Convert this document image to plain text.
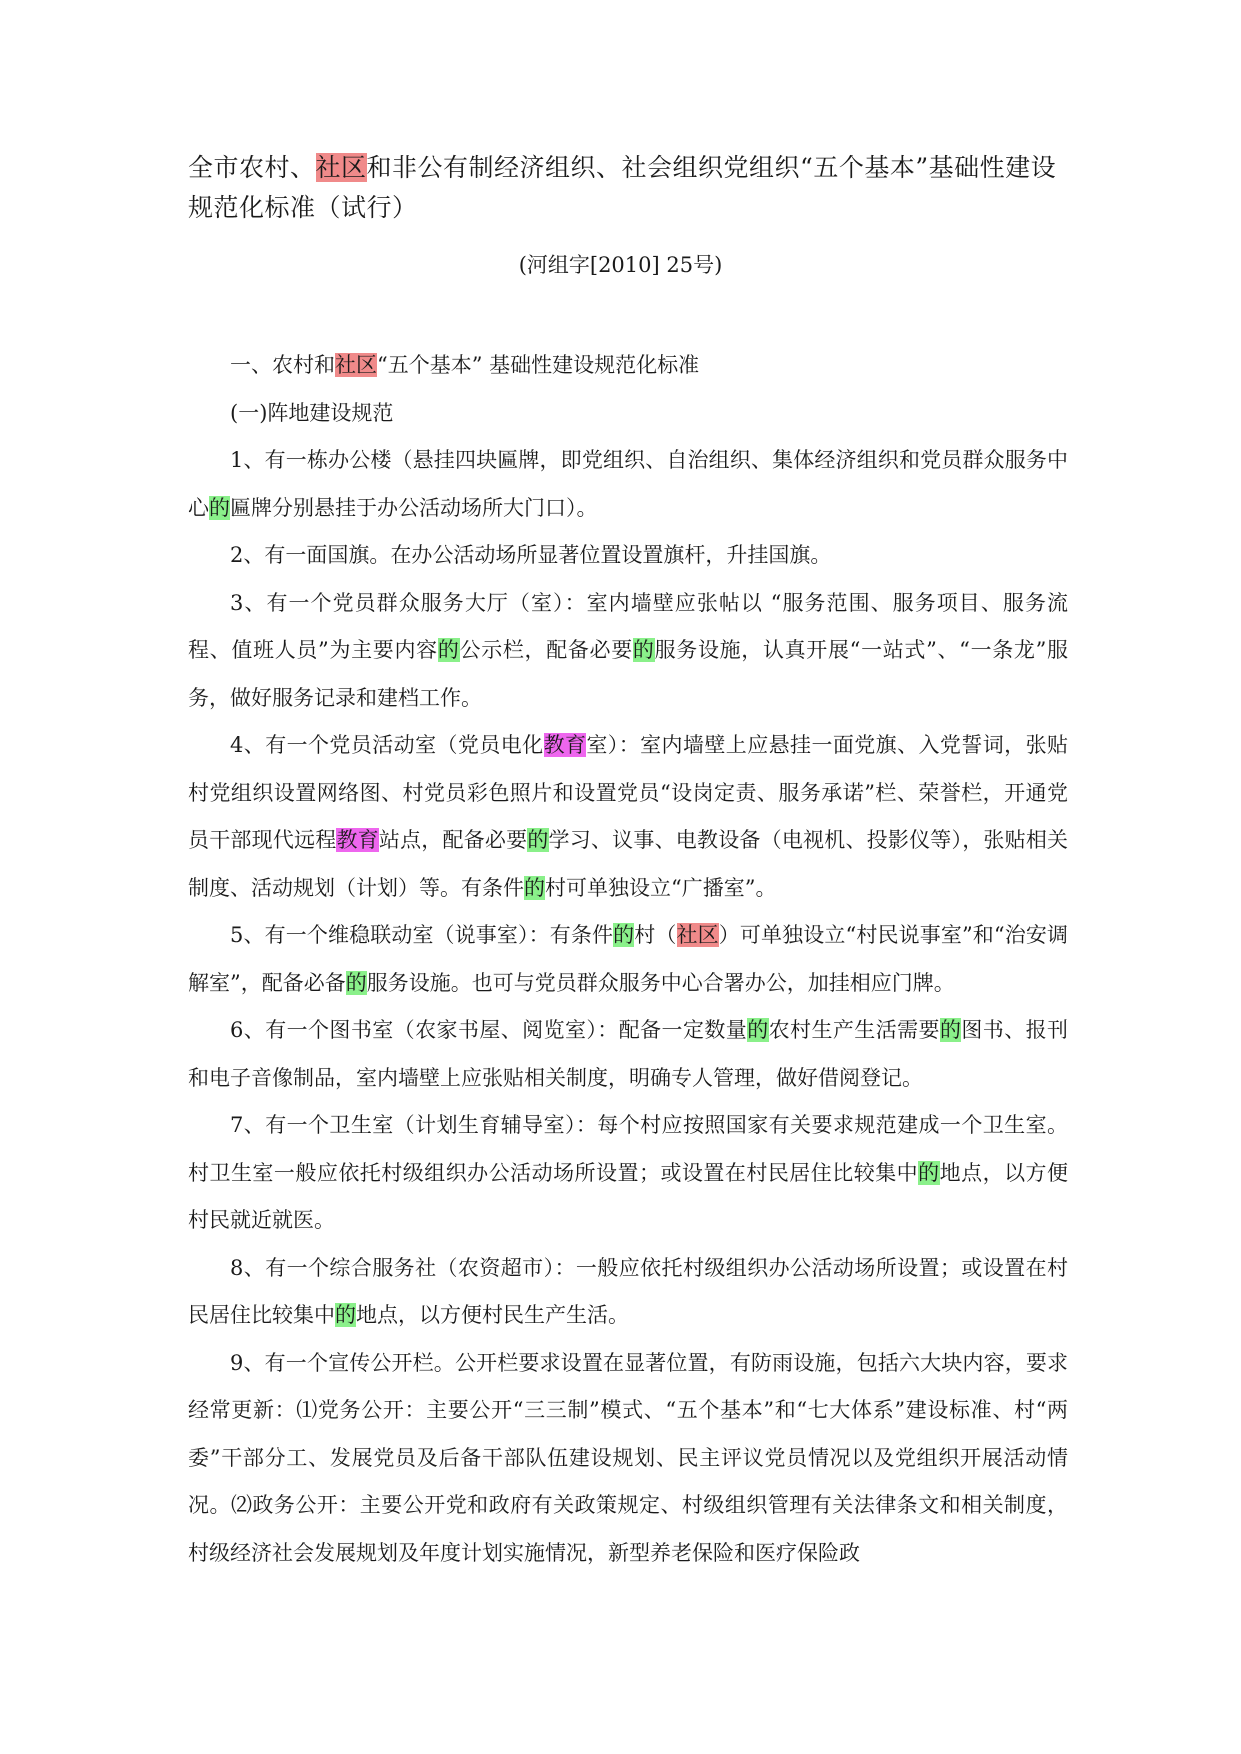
全市农村、社区和非公有制经济组织、社会组织党组织“五个基本”基础性建设规范化标准（试行）
(河组字[2010] 25号)

一、农村和社区“五个基本” 基础性建设规范化标准

(一)阵地建设规范

1、有一栋办公楼（悬挂四块匾牌，即党组织、自治组织、集体经济组织和党员群众服务中心的匾牌分别悬挂于办公活动场所大门口）。

2、有一面国旗。在办公活动场所显著位置设置旗杆，升挂国旗。

3、有一个党员群众服务大厅（室）：室内墙壁应张帖以 “服务范围、服务项目、服务流程、值班人员”为主要内容的公示栏，配备必要的服务设施，认真开展“一站式”、“一条龙”服务，做好服务记录和建档工作。

4、有一个党员活动室（党员电化教育室）：室内墙壁上应悬挂一面党旗、入党誓词，张贴村党组织设置网络图、村党员彩色照片和设置党员“设岗定责、服务承诺”栏、荣誉栏，开通党员干部现代远程教育站点，配备必要的学习、议事、电教设备（电视机、投影仪等），张贴相关制度、活动规划（计划）等。有条件的村可单独设立“广播室”。

5、有一个维稳联动室（说事室）：有条件的村（社区）可单独设立“村民说事室”和“治安调解室”，配备必备的服务设施。也可与党员群众服务中心合署办公，加挂相应门牌。

6、有一个图书室（农家书屋、阅览室）：配备一定数量的农村生产生活需要的图书、报刊和电子音像制品，室内墙壁上应张贴相关制度，明确专人管理，做好借阅登记。

7、有一个卫生室（计划生育辅导室）：每个村应按照国家有关要求规范建成一个卫生室。村卫生室一般应依托村级组织办公活动场所设置；或设置在村民居住比较集中的地点，以方便村民就近就医。

8、有一个综合服务社（农资超市）：一般应依托村级组织办公活动场所设置；或设置在村民居住比较集中的地点，以方便村民生产生活。

9、有一个宣传公开栏。公开栏要求设置在显著位置，有防雨设施，包括六大块内容，要求经常更新：⑴党务公开：主要公开“三三制”模式、“五个基本”和“七大体系”建设标准、村“两委”干部分工、发展党员及后备干部队伍建设规划、民主评议党员情况以及党组织开展活动情况。⑵政务公开：主要公开党和政府有关政策规定、村级组织管理有关法律条文和相关制度，村级经济社会发展规划及年度计划实施情况，新型养老保险和医疗保险政
